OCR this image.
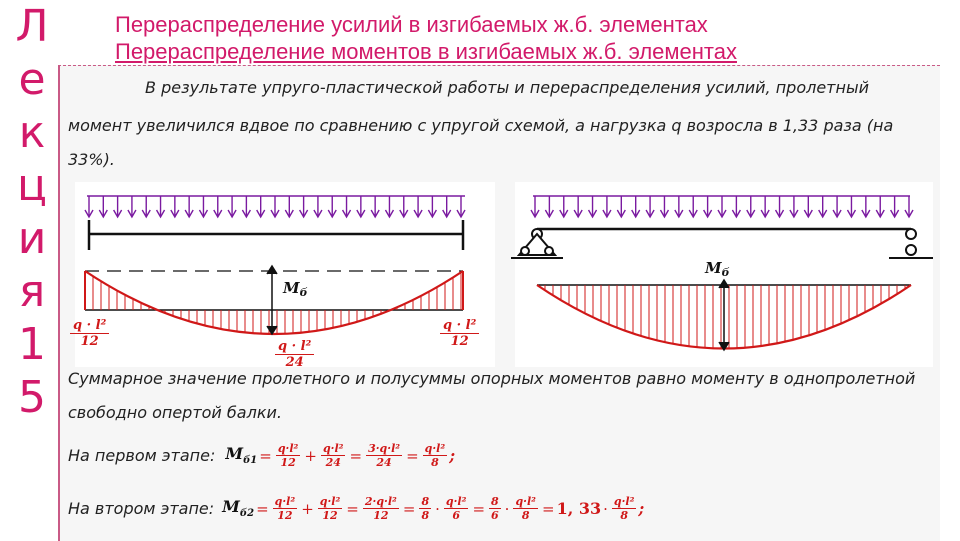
Л
е
к
ц
и
я
1
5
Перераспределение усилий в изгибаемых ж.б. элементах
Перераспределение моментов в изгибаемых ж.б. элементах
В результате упруго-пластической работы и перераспределения усилий, пролетный
момент увеличился вдвое по сравнению с упругой схемой, а нагрузка q возросла в 1,33 раза (на
33%).
$M_б$
$M_б$
q · l²
12
q · l²
12
q · l²
24
Суммарное значение пролетного и полусуммы опорных моментов равно моменту в однопролетной
свободно опертой балки.
На первом этапе: $M_{б1} = \frac{\text{q·l²}}{12} + \frac{\text{q·l²}}{24} = \frac{\text{3·q·l²}}{24} = \frac{\text{q·l²}}{8}$ ;
На втором этапе: $M_{б2} = \frac{\text{q·l²}}{12} + \frac{\text{q·l²}}{12} = \frac{\text{2·q·l²}}{12} = \frac{8}{8} \cdot \frac{\text{q·l²}}{6} = \frac{8}{6} \cdot \frac{\text{q·l²}}{8} = 1$, $33 \cdot \frac{\text{q·l²}}{8}$ ;
